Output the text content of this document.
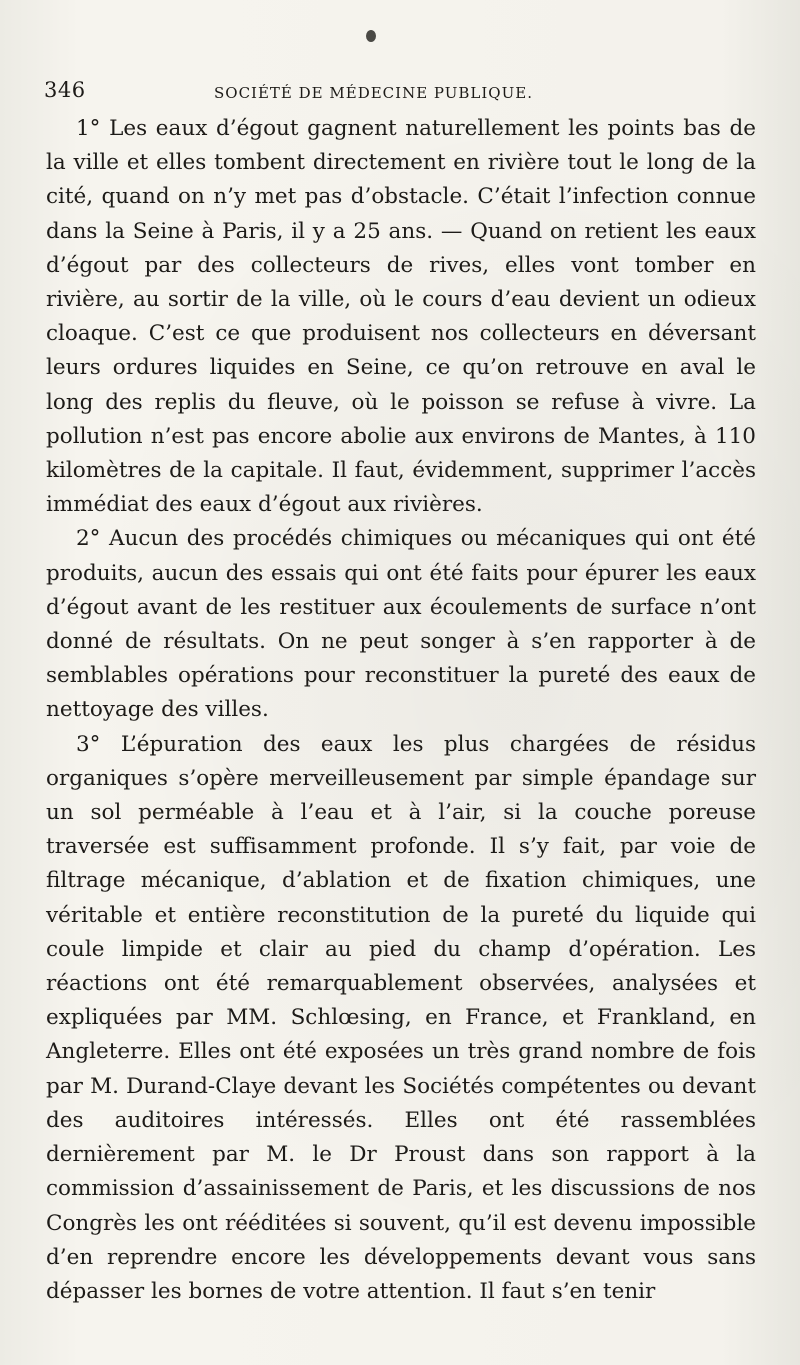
346	SOCIÉTÉ DE MÉDECINE PUBLIQUE.

1° Les eaux d’égout gagnent naturellement les points bas de la ville et elles tombent directement en rivière tout le long de la cité, quand on n’y met pas d’obstacle. C’était l’infection connue dans la Seine à Paris, il y a 25 ans. — Quand on retient les eaux d’égout par des collecteurs de rives, elles vont tomber en rivière, au sortir de la ville, où le cours d’eau devient un odieux cloaque. C’est ce que produisent nos collecteurs en déversant leurs ordures liquides en Seine, ce qu’on retrouve en aval le long des replis du fleuve, où le poisson se refuse à vivre. La pollution n’est pas encore abolie aux environs de Mantes, à 110 kilomètres de la capitale. Il faut, évidemment, supprimer l’accès immédiat des eaux d’égout aux rivières.

2° Aucun des procédés chimiques ou mécaniques qui ont été produits, aucun des essais qui ont été faits pour épurer les eaux d’égout avant de les restituer aux écoulements de surface n’ont donné de résultats. On ne peut songer à s’en rapporter à de semblables opérations pour reconstituer la pureté des eaux de nettoyage des villes.

3° L’épuration des eaux les plus chargées de résidus organiques s’opère merveilleusement par simple épandage sur un sol perméable à l’eau et à l’air, si la couche poreuse traversée est suffisamment profonde. Il s’y fait, par voie de filtrage mécanique, d’ablation et de fixation chimiques, une véritable et entière reconstitution de la pureté du liquide qui coule limpide et clair au pied du champ d’opération. Les réactions ont été remarquablement observées, analysées et expliquées par MM. Schlœsing, en France, et Frankland, en Angleterre. Elles ont été exposées un très grand nombre de fois par M. Durand-Claye devant les Sociétés compétentes ou devant des auditoires intéressés. Elles ont été rassemblées dernièrement par M. le Dr Proust dans son rapport à la commission d’assainissement de Paris, et les discussions de nos Congrès les ont rééditées si souvent, qu’il est devenu impossible d’en reprendre encore les développements devant vous sans dépasser les bornes de votre attention. Il faut s’en tenir
